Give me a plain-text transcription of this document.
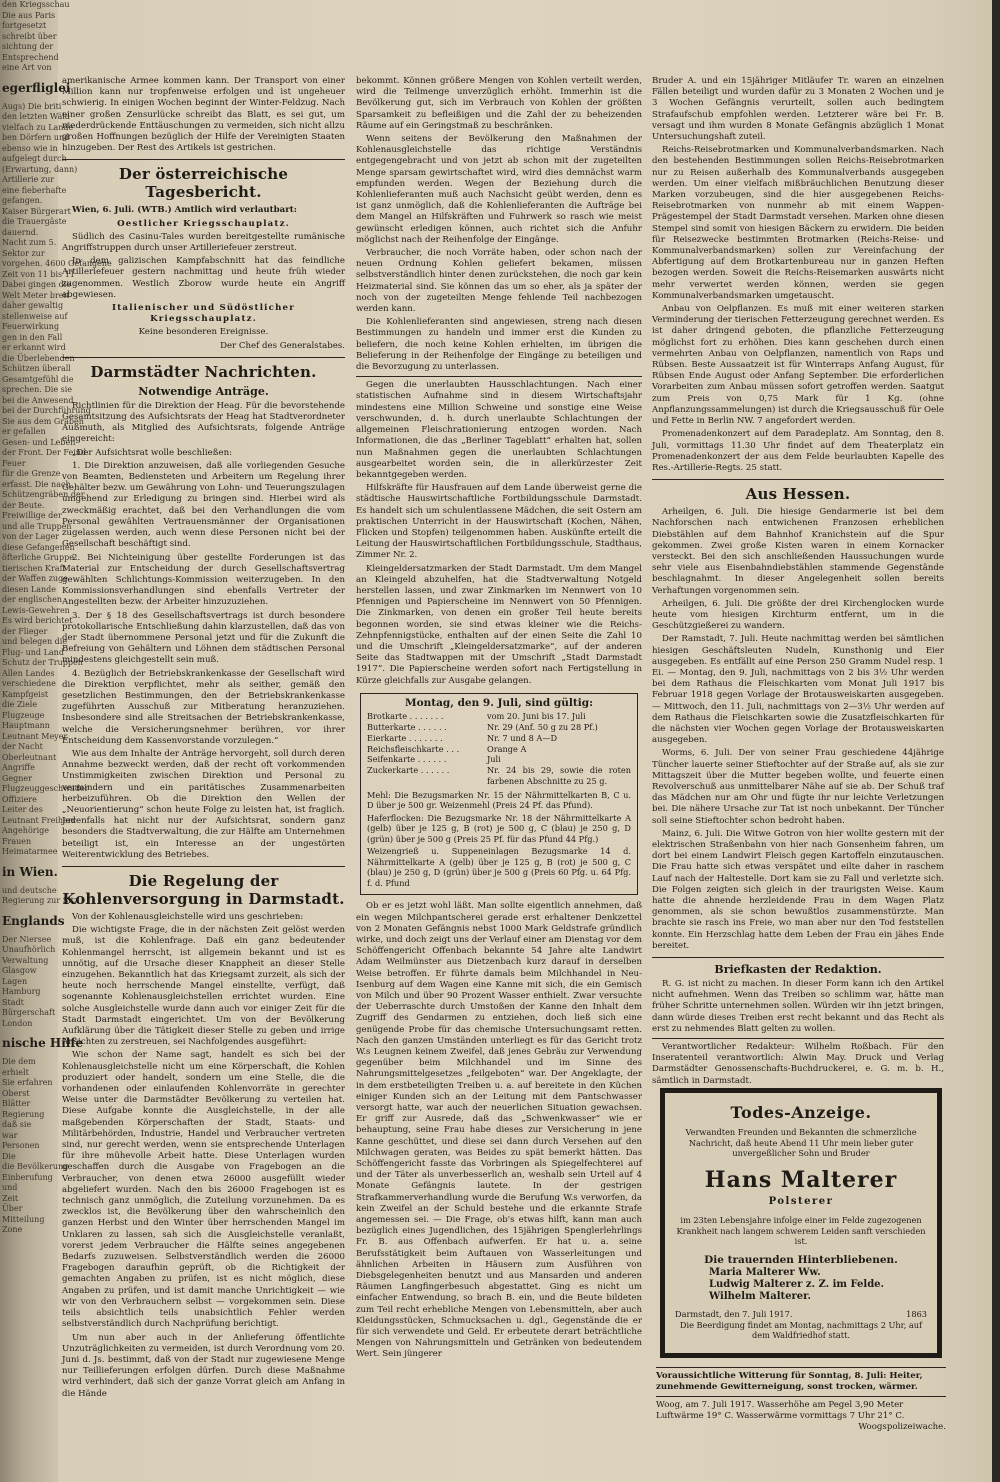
den Kriegsschau

Die aus Paris

fortgesetzt

schreibt über

sichtung der

Entsprechend

eine Art von

egerfliglei

Augs) Die briti

den letzten Wäld

vielfach zu Lande

ben Dörfern und

ebenso wie in

aufgelegt durch

(Erwartung, dann)

Artillerie zur

eine fieberhafte

gefangen.

Kaiser Bürgerart

die Trauergäste

dauernd.

Nacht zum 5.

Sektor zur

vorgehen. 4600 Gefangene

Zeit von 11 bis 11

Dabei gingen die

Welt Meter breit

daher gewaltig

stellenweise auf

Feuerwirkung

gen in den Fall

er erkannt wird

die Überlebenden

Schützen überall

Gesamtgefühl die

sprechen. Die sie

bei die Anwesend

bei der Durchführung

Sie aus dem Graben

er gefallen

Gesen- und Leben

der Front. Der Feind

Feuer

für die Grenze

erfasst. Die nach

Schützengräben der

der Beute.

Freiwillige der

und alle Truppen

von der Lager

diese Gefangenen

öfterliche Gruppe

tierischen Kraft

der Waffen zuge

diesen Lande

der englischen

Lewis-Gewehren

Es wird berichtet

der Flieger

und belegen die

Flug- und Land

Schutz der Truppen

Allen Landes

verschiedene

Kampfgeist

die Ziele

Flugzeuge

Hauptmann

Leutnant Meyer

der Nacht

Oberleutnant

Angriffe

Gegner

Flugzeuggeschwader

Offiziere

Leiter des

Leutnant Freiherr

Angehörige

Frauen

Heimatarmee

in Wien.

und deutsche

Regierung zur Sitz

Englands

Der Niersee

Unaufhörlich

Verwaltung

Glasgow

Lagen

Hamburg

Stadt

Bürgerschaft

London

nische Hilfe

Die dem

erhielt

Sie erfahren

Oberst

Blätter

Regierung

daß sie

war

Personen

Die

die Bevölkerung

Einberufung

und

Zeit

Über

Mitteilung

Zone

amerikanische Armee kommen kann. Der Transport von einer Million kann nur tropfenweise erfolgen und ist ungeheuer schwierig. In einigen Wochen beginnt der Winter-Feldzug. Nach einer großen Zensurlücke schreibt das Blatt, es sei gut, um niederdrückende Enttäuschungen zu vermeiden, sich nicht allzu großen Hoffnungen bezüglich der Hilfe der Vereinigten Staaten hinzugeben. Der Rest des Artikels ist gestrichen.

Der österreichische Tagesbericht.

Wien, 6. Juli. (WTB.) Amtlich wird verlautbart:

Oestlicher Kriegsschauplatz.

Südlich des Casinu-Tales wurden bereitgestellte rumänische Angriffstruppen durch unser Artilleriefeuer zerstreut.

In dem galizischen Kampfabschnitt hat das feindliche Artilleriefeuer gestern nachmittag und heute früh wieder zugenommen. Westlich Zborow wurde heute ein Angriff abgewiesen.

Italienischer und Südöstlicher Kriegsschauplatz.

Keine besonderen Ereignisse.

Der Chef des Generalstabes.

Darmstädter Nachrichten.
Notwendige Anträge.

Richtlinien für die Direktion der Heag. Für die bevorstehende Gesamtsitzung des Aufsichtsrats der Heag hat Stadtverordneter Außmuth, als Mitglied des Aufsichtsrats, folgende Anträge eingereicht:

„Der Aufsichtsrat wolle beschließen:

1. Die Direktion anzuweisen, daß alle vorliegenden Gesuche von Beamten, Bediensteten und Arbeitern um Regelung ihrer Gehälter bezw. um Gewährung von Lohn- und Teuerungszulagen umgehend zur Erledigung zu bringen sind. Hierbei wird als zweckmäßig erachtet, daß bei den Verhandlungen die vom Personal gewählten Vertrauensmänner der Organisationen zugelassen werden, auch wenn diese Personen nicht bei der Gesellschaft beschäftigt sind.

2. Bei Nichteinigung über gestellte Forderungen ist das Material zur Entscheidung der durch Gesellschaftsvertrag gewählten Schlichtungs-Kommission weiterzugeben. In den Kommissionsverhandlungen sind ebenfalls Vertreter der Angestellten bezw. der Arbeiter hinzuzuziehen.

3. Der § 18 des Gesellschaftsvertrags ist durch besondere protokollarische Entschließung dahin klarzustellen, daß das von der Stadt übernommene Personal jetzt und für die Zukunft die Befreiung von Gehältern und Löhnen dem städtischen Personal mindestens gleichgestellt sein muß.

4. Bezüglich der Betriebskrankenkasse der Gesellschaft wird die Direktion verpflichtet, mehr als seither, gemäß den gesetzlichen Bestimmungen, den der Betriebskrankenkasse zugeführten Ausschuß zur Mitberatung heranzuziehen. Insbesondere sind alle Streitsachen der Betriebskrankenkasse, welche die Versicherungsnehmer berühren, vor ihrer Entscheidung dem Kassenvorstande vorzulegen.“

Wie aus dem Inhalte der Anträge hervorgeht, soll durch deren Annahme bezweckt werden, daß der recht oft vorkommenden Unstimmigkeiten zwischen Direktion und Personal zu vermindern und ein paritätisches Zusammenarbeiten herbeizuführen. Ob die Direktion den Wellen der „Neuorientierung“ schon heute Folge zu leisten hat, ist fraglich. Jedenfalls hat nicht nur der Aufsichtsrat, sondern ganz besonders die Stadtverwaltung, die zur Hälfte am Unternehmen beteiligt ist, ein Interesse an der ungestörten Weiterentwicklung des Betriebes.

Die Regelung der Kohlenversorgung in Darmstadt.

Von der Kohlenausgleichstelle wird uns geschrieben:

Die wichtigste Frage, die in der nächsten Zeit gelöst werden muß, ist die Kohlenfrage. Daß ein ganz bedeutender Kohlenmangel herrscht, ist allgemein bekannt und ist es unnötig, auf die Ursache dieser Knappheit an dieser Stelle einzugehen. Bekanntlich hat das Kriegsamt zurzeit, als sich der heute noch herrschende Mangel einstellte, verfügt, daß sogenannte Kohlenausgleichstellen errichtet wurden. Eine solche Ausgleichstelle wurde dann auch vor einiger Zeit für die Stadt Darmstadt eingerichtet. Um von der Bevölkerung Aufklärung über die Tätigkeit dieser Stelle zu geben und irrige Ansichten zu zerstreuen, sei Nachfolgendes ausgeführt:

Wie schon der Name sagt, handelt es sich bei der Kohlenausgleichstelle nicht um eine Körperschaft, die Kohlen produziert oder handelt, sondern um eine Stelle, die die vorhandenen oder einlaufenden Kohlenvorräte in gerechter Weise unter die Darmstädter Bevölkerung zu verteilen hat. Diese Aufgabe konnte die Ausgleichstelle, in der alle maßgebenden Körperschaften der Stadt, Staats- und Militärbehörden, Industrie, Handel und Verbraucher vertreten sind, nur gerecht werden, wenn sie entsprechende Unterlagen für ihre mühevolle Arbeit hatte. Diese Unterlagen wurden geschaffen durch die Ausgabe von Fragebogen an die Verbraucher, von denen etwa 26000 ausgefüllt wieder abgeliefert wurden. Nach den bis 26000 Fragebogen ist es technisch ganz unmöglich, die Zuteilung vorzunehmen. Da es zwecklos ist, die Bevölkerung über den wahrscheinlich den ganzen Herbst und den Winter über herrschenden Mangel im Unklaren zu lassen, sah sich die Ausgleichstelle veranlaßt, vorerst jedem Verbraucher die Hälfte seines angegebenen Bedarfs zuzuweisen. Selbstverständlich werden die 26000 Fragebogen daraufhin geprüft, ob die Richtigkeit der gemachten Angaben zu prüfen, ist es nicht möglich, diese Angaben zu prüfen, und ist damit manche Unrichtigkeit — wie wir von den Verbrauchern selbst — vorgekommen sein. Diese teils absichtlich teils unabsichtlich Fehler werden selbstverständlich durch Nachprüfung berichtigt.

Um nun aber auch in der Anlieferung öffentlichte Unzuträglichkeiten zu vermeiden, ist durch Verordnung vom 20. Juni d. Js. bestimmt, daß von der Stadt nur zugewiesene Menge nur Teillieferungen erfolgen dürfen. Durch diese Maßnahme wird verhindert, daß sich der ganze Vorrat gleich am Anfang in die Hände

bekommt. Können größere Mengen von Kohlen verteilt werden, wird die Teilmenge unverzüglich erhöht. Immerhin ist die Bevölkerung gut, sich im Verbrauch von Kohlen der größten Sparsamkeit zu befleißigen und die Zahl der zu beheizenden Räume auf ein Geringstmaß zu beschränken.

Wenn seitens der Bevölkerung den Maßnahmen der Kohlenausgleichstelle das richtige Verständnis entgegengebracht und von jetzt ab schon mit der zugeteilten Menge sparsam gewirtschaftet wird, wird dies demnächst warm empfunden werden. Wegen der Beziehung durch die Kohlenlieferanten muß auch Nachsicht geübt werden, denn es ist ganz unmöglich, daß die Kohlenlieferanten die Aufträge bei dem Mangel an Hilfskräften und Fuhrwerk so rasch wie meist gewünscht erledigen können, auch richtet sich die Anfuhr möglichst nach der Reihenfolge der Eingänge.

Verbraucher, die noch Vorräte haben, oder schon nach der neuen Ordnung Kohlen geliefert bekamen, müssen selbstverständlich hinter denen zurückstehen, die noch gar kein Heizmaterial sind. Sie können das um so eher, als ja später der noch von der zugeteilten Menge fehlende Teil nachbezogen werden kann.

Die Kohlenlieferanten sind angewiesen, streng nach diesen Bestimmungen zu handeln und immer erst die Kunden zu beliefern, die noch keine Kohlen erhielten, im übrigen die Belieferung in der Reihenfolge der Eingänge zu beteiligen und die Bevorzugung zu unterlassen.

Gegen die unerlaubten Hausschlachtungen. Nach einer statistischen Aufnahme sind in diesem Wirtschaftsjahr mindestens eine Million Schweine und sonstige eine Weise verschwunden, d. h. durch unerlaubte Schlachtungen der allgemeinen Fleischrationierung entzogen worden. Nach Informationen, die das „Berliner Tageblatt“ erhalten hat, sollen nun Maßnahmen gegen die unerlaubten Schlachtungen ausgearbeitet worden sein, die in allerkürzester Zeit bekanntgegeben werden.

Hilfskräfte für Hausfrauen auf dem Lande überweist gerne die städtische Hauswirtschaftliche Fortbildungsschule Darmstadt. Es handelt sich um schulentlassene Mädchen, die seit Ostern am praktischen Unterricht in der Hauswirtschaft (Kochen, Nähen, Flicken und Stopfen) teilgenommen haben. Auskünfte erteilt die Leitung der Hauswirtschaftlichen Fortbildungsschule, Stadthaus, Zimmer Nr. 2.

Kleingeldersatzmarken der Stadt Darmstadt. Um dem Mangel an Kleingeld abzuhelfen, hat die Stadtverwaltung Notgeld herstellen lassen, und zwar Zinkmarken im Nennwert von 10 Pfennigen und Papierscheine im Nennwert von 50 Pfennigen. Die Zinkmarken, von denen ein großer Teil heute bereits begonnen worden, sie sind etwas kleiner wie die Reichs-Zehnpfennigstücke, enthalten auf der einen Seite die Zahl 10 und die Umschrift „Kleingeldersatzmarke“, auf der anderen Seite das Stadtwappen mit der Umschrift „Stadt Darmstadt 1917“. Die Papierscheine werden sofort nach Fertigstellung in Kürze gleichfalls zur Ausgabe gelangen.

Montag, den 9. Juli, sind gültig:
Brotkarte . . . . . . .	vom 20. Juni bis 17. Juli
Butterkarte . . . . . .	Nr. 29 (Anf. 50 g zu 28 Pf.)
Eierkarte . . . . . . .	Nr. 7 und 8 A—D
Reichsfleischkarte . . .	Orange A
Seifenkarte . . . . . .	Juli
Zuckerkarte . . . . . .	Nr. 24 bis 29, sowie die roten farbenen Abschnitte zu 25 g.

Mehl: Die Bezugsmarken Nr. 15 der Nährmittelkarten B, C u. D über je 500 gr. Weizenmehl (Preis 24 Pf. das Pfund).

Haferflocken: Die Bezugsmarke Nr. 18 der Nährmittelkarte A (gelb) über je 125 g, B (rot) je 500 g, C (blau) je 250 g, D (grün) über je 500 g (Preis 25 Pf. für das Pfund 44 Pfg.)

Weizengrieß u. Suppeneinlagen Bezugsmarke 14 d. Nährmittelkarte A (gelb) über je 125 g, B (rot) je 500 g, C (blau) je 250 g, D (grün) über je 500 g (Preis 60 Pfg. u. 64 Pfg. f. d. Pfund

Ob er es jetzt wohl läßt. Man sollte eigentlich annehmen, daß ein wegen Milchpantscherei gerade erst erhaltener Denkzettel von 2 Monaten Gefängnis nebst 1000 Mark Geldstrafe gründlich wirke, und doch zeigt uns der Verlauf einer am Dienstag vor dem Schöffengericht Offenbach bekannte 54 Jahre alte Landwirt Adam Weilmünster aus Dietzenbach kurz darauf in derselben Weise betroffen. Er führte damals beim Milchhandel in Neu-Isenburg auf dem Wagen eine Kanne mit sich, die ein Gemisch von Milch und über 90 Prozent Wasser enthielt. Zwar versuchte der Ueberraschte durch Umstoßen der Kanne den Inhalt dem Zugriff des Gendarmen zu entziehen, doch ließ sich eine genügende Probe für das chemische Untersuchungsamt retten. Nach den ganzen Umständen unterliegt es für das Gericht trotz W.s Leugnen keinem Zweifel, daß jenes Gebräu zur Verwendung gegenüber beim Milchhandel und im Sinne des Nahrungsmittelgesetzes „feilgeboten“ war. Der Angeklagte, der in dem erstbeteiligten Treiben u. a. auf bereitete in den Küchen einiger Kunden sich an der Leitung mit dem Pantschwasser versorgt hatte, war auch der neuerlichen Situation gewachsen. Er griff zur Ausrede, daß das „Schwenkwasser“ wie er behauptung, seine Frau habe dieses zur Versicherung in jene Kanne geschüttet, und diese sei dann durch Versehen auf den Milchwagen geraten, was Beides zu spät bemerkt hätten. Das Schöffengericht fasste das Vorbringen als Spiegelfechterei auf und der Täter als unverbesserlich an, weshalb sein Urteil auf 4 Monate Gefängnis lautete. In der gestrigen Strafkammerverhandlung wurde die Berufung W.s verworfen, da kein Zweifel an der Schuld bestehe und die erkannte Strafe angemessen sei. — Die Frage, ob's etwas hilft, kann man auch bezüglich eines Jugendlichen, des 15jährigen Spenglerlehrlings Fr. B. aus Offenbach aufwerfen. Er hat u. a. seine Berufsstätigkeit beim Auftauen von Wasserleitungen und ähnlichen Arbeiten in Häusern zum Ausführen von Diebsgelegenheiten benutzt und aus Mansarden und anderen Räumen Langfingerbesuch abgestattet. Ging es nicht um einfacher Entwendung, so brach B. ein, und die Beute bildeten zum Teil recht erhebliche Mengen von Lebensmitteln, aber auch Kleidungsstücken, Schmucksachen u. dgl., Gegenstände die er für sich verwendete und Geld. Er erbeutete derart beträchtliche Mengen von Nahrungsmitteln und Getränken von bedeutendem Wert. Sein jüngerer

Bruder A. und ein 15jähriger Mitläufer Tr. waren an einzelnen Fällen beteiligt und wurden dafür zu 3 Monaten 2 Wochen und je 3 Wochen Gefängnis verurteilt, sollen auch bedingtem Strafaufschub empfohlen werden. Letzterer wäre bei Fr. B. versagt und ihm wurden 8 Monate Gefängnis abzüglich 1 Monat Untersuchungshaft zuteil.

Reichs-Reisebrotmarken und Kommunalverbandsmarken. Nach den bestehenden Bestimmungen sollen Reichs-Reisebrotmarken nur zu Reisen außerhalb des Kommunalverbands ausgegeben werden. Um einer vielfach mißbräuchlichen Benutzung dieser Marken vorzubeugen, sind die hier ausgegebenen Reichs-Reisebrotmarken von nunmehr ab mit einem Wappen-Prägestempel der Stadt Darmstadt versehen. Marken ohne diesen Stempel sind somit von hiesigen Bäckern zu erwidern. Die beiden für Reisezwecke bestimmten Brotmarken (Reichs-Reise- und Kommunalverbandsmarken) sollen zur Vereinfachung der Abfertigung auf dem Brotkartenbureau nur in ganzen Heften bezogen werden. Soweit die Reichs-Reisemarken auswärts nicht mehr verwertet werden können, werden sie gegen Kommunalverbandsmarken umgetauscht.

Anbau von Oelpflanzen. Es muß mit einer weiteren starken Verminderung der tierischen Fetterzeugung gerechnet werden. Es ist daher dringend geboten, die pflanzliche Fetterzeugung möglichst fort zu erhöhen. Dies kann geschehen durch einen vermehrten Anbau von Oelpflanzen, namentlich von Raps und Rübsen. Beste Aussaatzeit ist für Winterraps Anfang August, für Rübsen Ende August oder Anfang September. Die erforderlichen Vorarbeiten zum Anbau müssen sofort getroffen werden. Saatgut zum Preis von 0,75 Mark für 1 Kg. (ohne Anpflanzungssammelungen) ist durch die Kriegsausschuß für Oele und Fette in Berlin NW. 7 angefordert werden.

Promenadenkonzert auf dem Paradeplatz. Am Sonntag, den 8. Juli, vormittags 11.30 Uhr findet auf dem Theaterplatz ein Promenadenkonzert der aus dem Felde beurlaubten Kapelle des Res.-Artillerie-Regts. 25 statt.

Aus Hessen.

Arheilgen, 6. Juli. Die hiesige Gendarmerie ist bei dem Nachforschen nach entwichenen Franzosen erheblichen Diebstählen auf dem Bahnhof Kranichstein auf die Spur gekommen. Zwei große Kisten waren in einem Kornacker versteckt. Bei den sich anschließenden Haussuchungen wurde sehr viele aus Eisenbahndiebstählen stammende Gegenstände beschlagnahmt. In dieser Angelegenheit sollen bereits Verhaftungen vorgenommen sein.

Arheilgen, 6. Juli. Die größte der drei Kirchenglocken wurde heute vom hiesigen Kirchturm entfernt, um in die Geschützgießerei zu wandern.

Der Ramstadt, 7. Juli. Heute nachmittag werden bei sämtlichen hiesigen Geschäftsleuten Nudeln, Kunsthonig und Eier ausgegeben. Es entfällt auf eine Person 250 Gramm Nudel resp. 1 Ei. — Montag, den 9. Juli, nachmittags von 2 bis 3½ Uhr werden bei dem Rathaus die Fleischkarten vom Monat Juli 1917 bis Februar 1918 gegen Vorlage der Brotausweiskarten ausgegeben. — Mittwoch, den 11. Juli, nachmittags von 2—3½ Uhr werden auf dem Rathaus die Fleischkarten sowie die Zusatzfleischkarten für die nächsten vier Wochen gegen Vorlage der Brotausweiskarten ausgegeben.

Worms, 6. Juli. Der von seiner Frau geschiedene 44jährige Tüncher lauerte seiner Stieftochter auf der Straße auf, als sie zur Mittagszeit über die Mutter begeben wollte, und feuerte einen Revolverschuß aus unmittelbarer Nähe auf sie ab. Der Schuß traf das Mädchen nur am Ohr und fügte ihr nur leichte Verletzungen bei. Die nähere Ursache zur Tat ist noch unbekannt. Der Tüncher soll seine Stieftochter schon bedroht haben.

Mainz, 6. Juli. Die Witwe Gotron von hier wollte gestern mit der elektrischen Straßenbahn von hier nach Gonsenheim fahren, um dort bei einem Landwirt Fleisch gegen Kartoffeln einzutauschen. Die Frau hatte sich etwas verspätet und eilte daher in raschem Lauf nach der Haltestelle. Dort kam sie zu Fall und verletzte sich. Die Folgen zeigten sich gleich in der traurigsten Weise. Kaum hatte die ahnende herzleidende Frau in dem Wagen Platz genommen, als sie schon bewußtlos zusammenstürzte. Man brachte sie rasch ins Freie, wo man aber nur den Tod feststellen konnte. Ein Herzschlag hatte dem Leben der Frau ein jähes Ende bereitet.

Briefkasten der Redaktion.

R. G. ist nicht zu machen. In dieser Form kann ich den Artikel nicht aufnehmen. Wenn das Treiben so schlimm war, hätte man früher Schritte unternehmen sollen. Würden wir ihn jetzt bringen, dann würde dieses Treiben erst recht bekannt und das Recht als erst zu nehmendes Blatt gelten zu wollen.

Verantwortlicher Redakteur: Wilhelm Roßbach. Für den Inseratenteil verantwortlich: Alwin May. Druck und Verlag Darmstädter Genossenschafts-Buchdruckerei, e. G. m. b. H., sämtlich in Darmstadt.

Todes-Anzeige.
Verwandten Freunden und Bekannten die schmerzliche Nachricht, daß heute Abend 11 Uhr mein lieber guter unvergeßlicher Sohn und Bruder
Hans Malterer
Polsterer
im 23ten Lebensjahre infolge einer im Felde zugezogenen Krankheit nach langem schwerem Leiden sanft verschieden ist.
Die trauernden Hinterbliebenen.
Maria Malterer Ww.
Ludwig Malterer z. Z. im Felde.
Wilhelm Malterer.
Darmstadt, den 7. Juli 1917.	1863
Die Beerdigung findet am Montag, nachmittags 2 Uhr, auf dem Waldfriedhof statt.
Voraussichtliche Witterung für Sonntag, 8. Juli: Heiter, zunehmende Gewitterneigung, sonst trocken, wärmer.
Woog, am 7. Juli 1917. Wasserhöhe am Pegel 3,90 Meter Luftwärme 19° C. Wasserwärme vormittags 7 Uhr 21° C.
Woogspolizeiwache.
